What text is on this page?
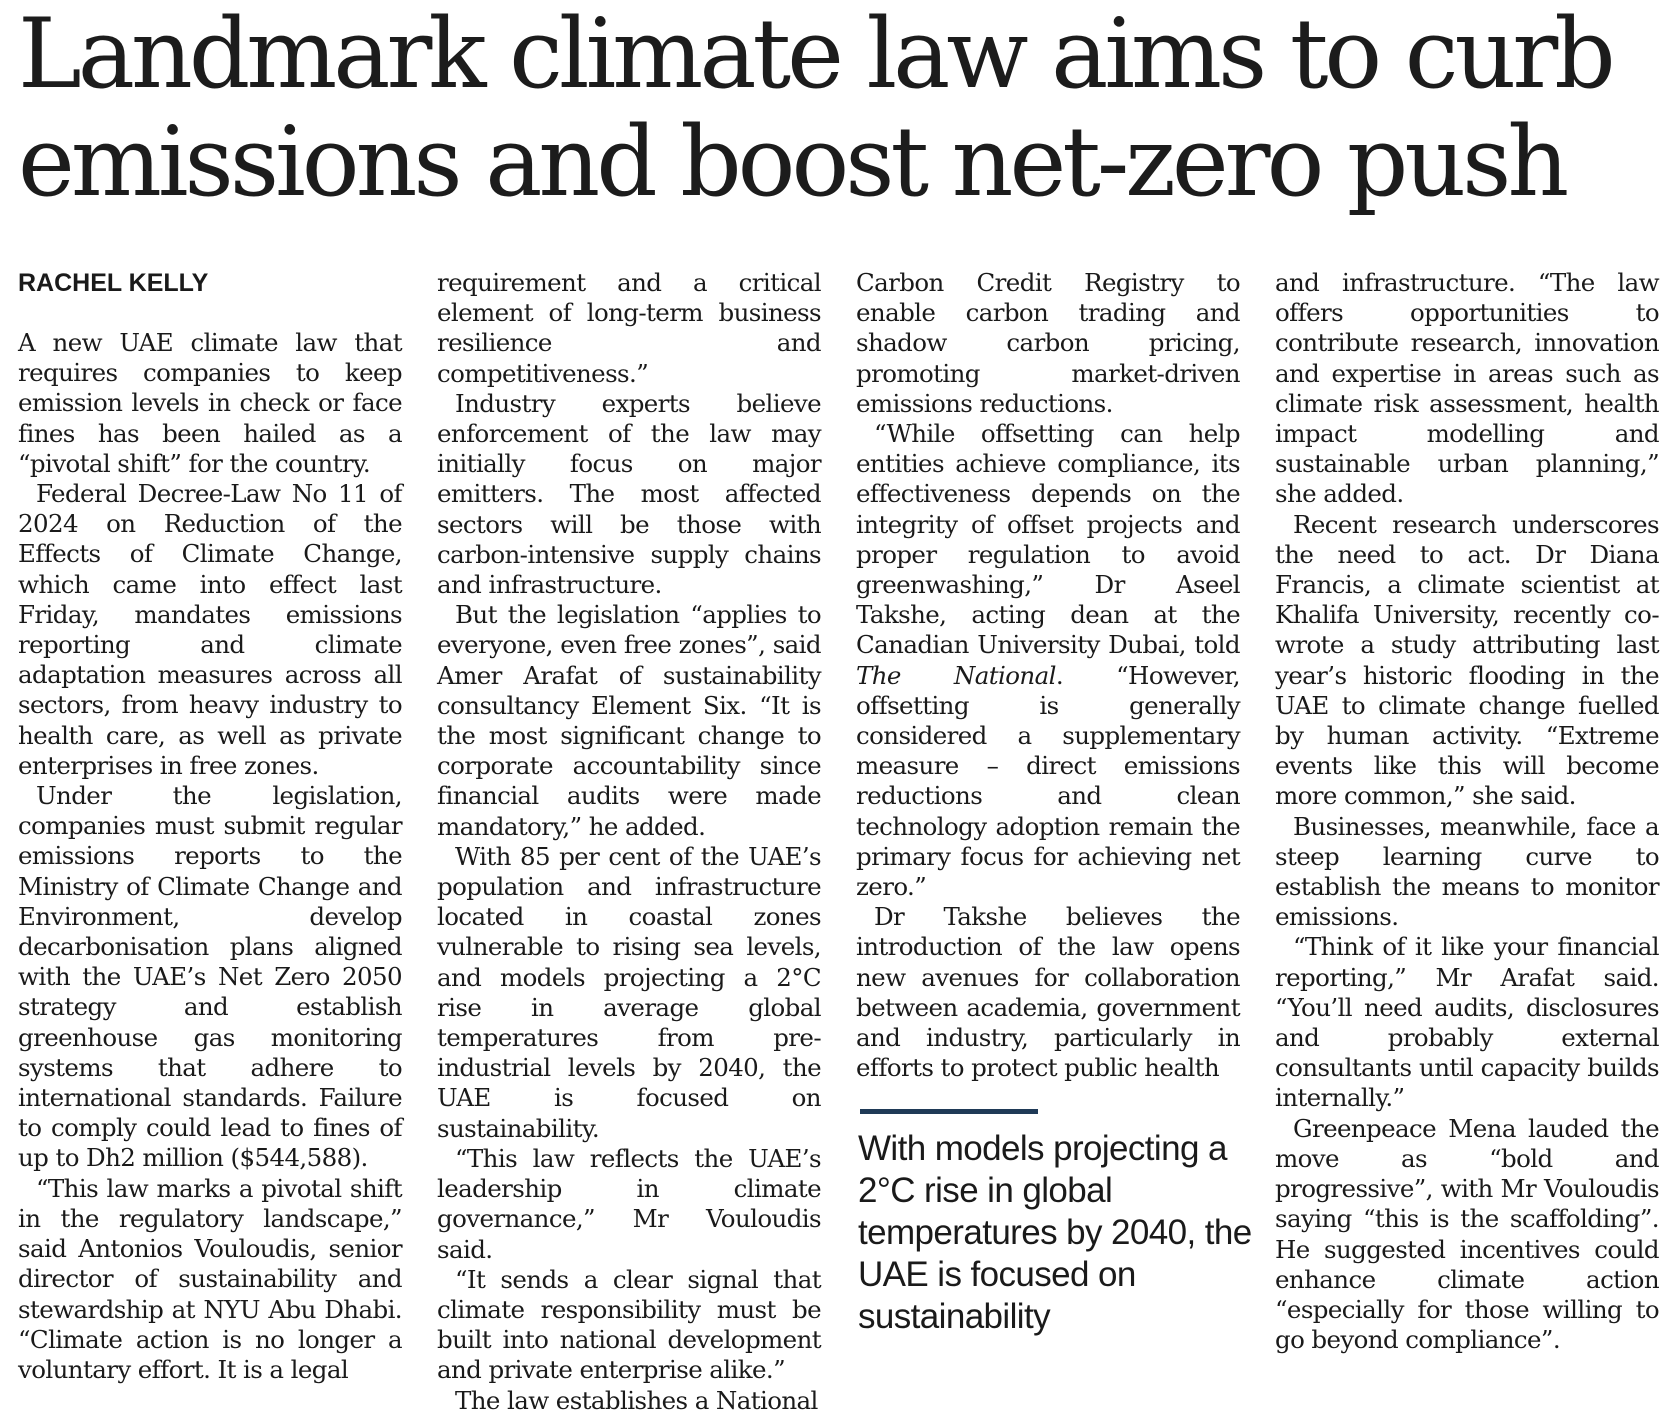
Landmark climate law aims to curb
emissions and boost net-zero push
RACHEL KELLY

A new UAE climate law that requires companies to keep emission levels in check or face fines has been hailed as a “pivotal shift” for the country.

Federal Decree-Law No 11 of 2024 on Reduction of the Effects of Climate Change, which came into effect last Friday, mandates emissions reporting and climate adaptation measures across all sectors, from heavy industry to health care, as well as private enterprises in free zones.

Under the legislation, companies must submit regular emissions reports to the Ministry of Climate Change and Environment, develop decarbonisation plans aligned with the UAE’s Net Zero 2050 strategy and establish greenhouse gas monitoring systems that adhere to international standards. Failure to comply could lead to fines of up to Dh2 million ($544,588).

“This law marks a pivotal shift in the regulatory landscape,” said Antonios Vouloudis, senior director of sustainability and stewardship at NYU Abu Dhabi. “Climate action is no longer a voluntary effort. It is a legal

requirement and a critical element of long-term business resilience and competitiveness.”

Industry experts believe enforcement of the law may initially focus on major emitters. The most affected sectors will be those with carbon-intensive supply chains and infrastructure.

But the legislation “applies to everyone, even free zones”, said Amer Arafat of sustainability consultancy Element Six. “It is the most significant change to corporate accountability since financial audits were made mandatory,” he added.

With 85 per cent of the UAE’s population and infrastructure located in coastal zones vulnerable to rising sea levels, and models projecting a 2°C rise in average global temperatures from pre-industrial levels by 2040, the UAE is focused on sustainability.

“This law reflects the UAE’s leadership in climate governance,” Mr Vouloudis said.

“It sends a clear signal that climate responsibility must be built into national development and private enterprise alike.”

The law establishes a National

Carbon Credit Registry to enable carbon trading and shadow carbon pricing, promoting market-driven emissions reductions.

“While offsetting can help entities achieve compliance, its effectiveness depends on the integrity of offset projects and proper regulation to avoid greenwashing,” Dr Aseel Takshe, acting dean at the Canadian University Dubai, told The National. “However, offsetting is generally considered a supplementary measure – direct emissions reductions and clean technology adoption remain the primary focus for achieving net zero.”

Dr Takshe believes the introduction of the law opens new avenues for collaboration between academia, government and industry, particularly in efforts to protect public health

With models projecting a 2°C rise in global temperatures by 2040, the UAE is focused on sustainability

and infrastructure. “The law offers opportunities to contribute research, innovation and expertise in areas such as climate risk assessment, health impact modelling and sustainable urban planning,” she added.

Recent research underscores the need to act. Dr Diana Francis, a climate scientist at Khalifa University, recently co-wrote a study attributing last year’s historic flooding in the UAE to climate change fuelled by human activity. “Extreme events like this will become more common,” she said.

Businesses, meanwhile, face a steep learning curve to establish the means to monitor emissions.

“Think of it like your financial reporting,” Mr Arafat said. “You’ll need audits, disclosures and probably external consultants until capacity builds internally.”

Greenpeace Mena lauded the move as “bold and progressive”, with Mr Vouloudis saying “this is the scaffolding”. He suggested incentives could enhance climate action “especially for those willing to go beyond compliance”.
